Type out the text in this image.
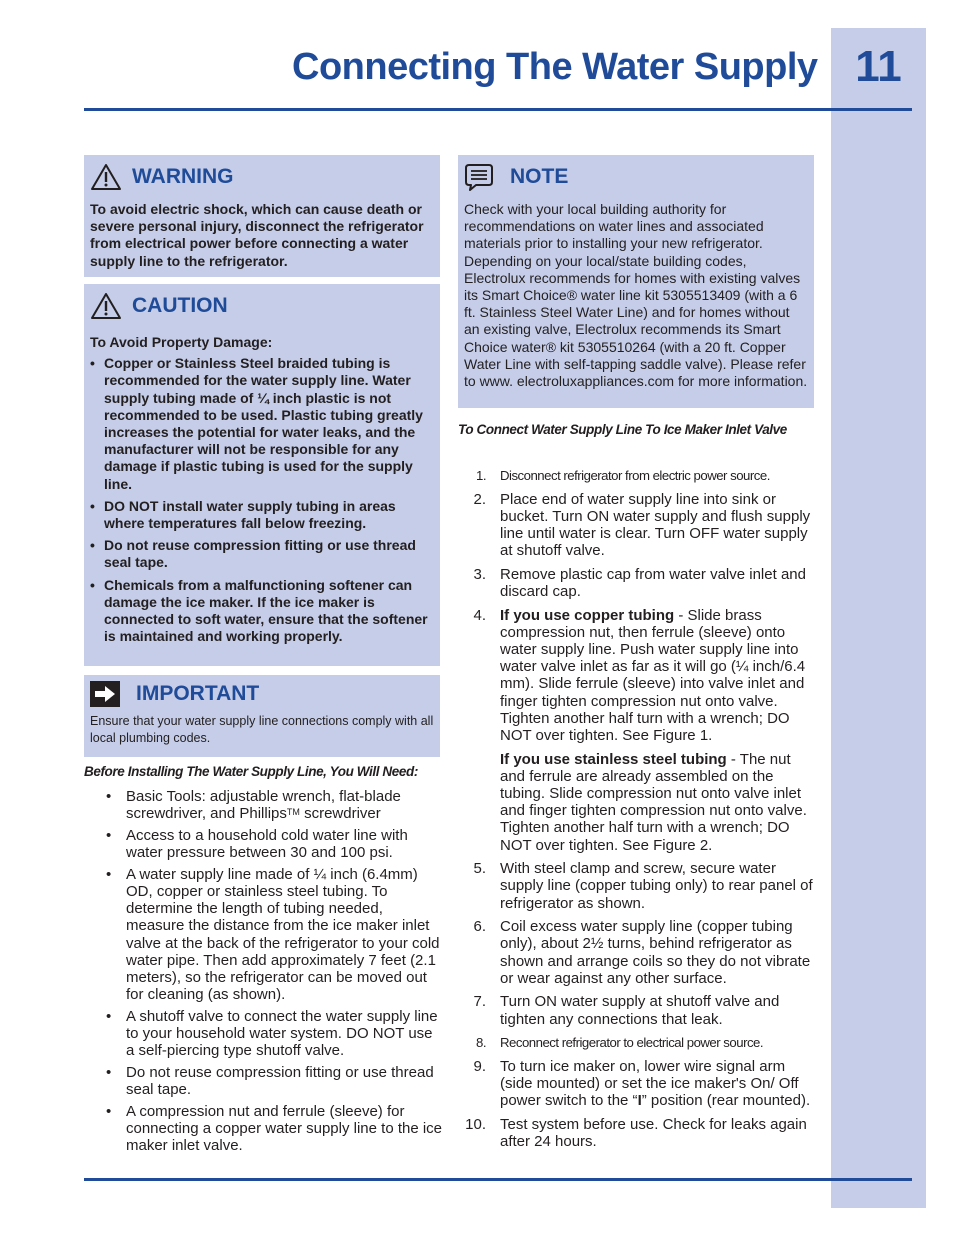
11
Connecting The Water Supply
WARNING
To avoid electric shock, which can cause death or severe personal injury, disconnect the refrigerator from electrical power before connecting a water supply line to the refrigerator.
CAUTION
To Avoid Property Damage:
• Copper or Stainless Steel braided tubing is recommended for the water supply line. Water supply tubing made of ¼ inch plastic is not recommended to be used. Plastic tubing greatly increases the potential for water leaks, and the manufacturer will not be responsible for any damage if plastic tubing is used for the supply line.
• DO NOT install water supply tubing in areas where temperatures fall below freezing.
• Do not reuse compression fitting or use thread seal tape.
• Chemicals from a malfunctioning softener can damage the ice maker. If the ice maker is connected to soft water, ensure that the softener is maintained and working properly.
IMPORTANT
Ensure that your water supply line connections comply with all local plumbing codes.
Before Installing The Water Supply Line, You Will Need:
• Basic Tools: adjustable wrench, flat-blade screwdriver, and Phillips™ screwdriver
• Access to a household cold water line with water pressure between 30 and 100 psi.
• A water supply line made of ¼ inch (6.4mm) OD, copper or stainless steel tubing. To determine the length of tubing needed, measure the distance from the ice maker inlet valve at the back of the refrigerator to your cold water pipe. Then add approximately 7 feet (2.1 meters), so the refrigerator can be moved out for cleaning (as shown).
• A shutoff valve to connect the water supply line to your household water system. DO NOT use a self-piercing type shutoff valve.
• Do not reuse compression fitting or use thread seal tape.
• A compression nut and ferrule (sleeve) for connecting a copper water supply line to the ice maker inlet valve.
NOTE
Check with your local building authority for recommendations on water lines and associated materials prior to installing your new refrigerator. Depending on your local/state building codes, Electrolux recommends for homes with existing valves its Smart Choice® water line kit 5305513409 (with a 6 ft. Stainless Steel Water Line) and for homes without an existing valve, Electrolux recommends its Smart Choice water® kit 5305510264 (with a 20 ft. Copper Water Line with self-tapping saddle valve). Please refer to www. electroluxappliances.com for more information.
To Connect Water Supply Line To Ice Maker Inlet Valve
1. Disconnect refrigerator from electric power source.
2. Place end of water supply line into sink or bucket. Turn ON water supply and flush supply line until water is clear. Turn OFF water supply at shutoff valve.
3. Remove plastic cap from water valve inlet and discard cap.
4. If you use copper tubing - Slide brass compression nut, then ferrule (sleeve) onto water supply line. Push water supply line into water valve inlet as far as it will go (¼ inch/6.4 mm). Slide ferrule (sleeve) into valve inlet and finger tighten compression nut onto valve. Tighten another half turn with a wrench; DO NOT over tighten. See Figure 1.

If you use stainless steel tubing - The nut and ferrule are already assembled on the tubing. Slide compression nut onto valve inlet and finger tighten compression nut onto valve. Tighten another half turn with a wrench; DO NOT over tighten. See Figure 2.

5. With steel clamp and screw, secure water supply line (copper tubing only) to rear panel of refrigerator as shown.
6. Coil excess water supply line (copper tubing only), about 2½ turns, behind refrigerator as shown and arrange coils so they do not vibrate or wear against any other surface.
7. Turn ON water supply at shutoff valve and tighten any connections that leak.
8. Reconnect refrigerator to electrical power source.
9. To turn ice maker on, lower wire signal arm (side mounted) or set the ice maker's On/ Off power switch to the “I” position (rear mounted).
10. Test system before use. Check for leaks again after 24 hours.
